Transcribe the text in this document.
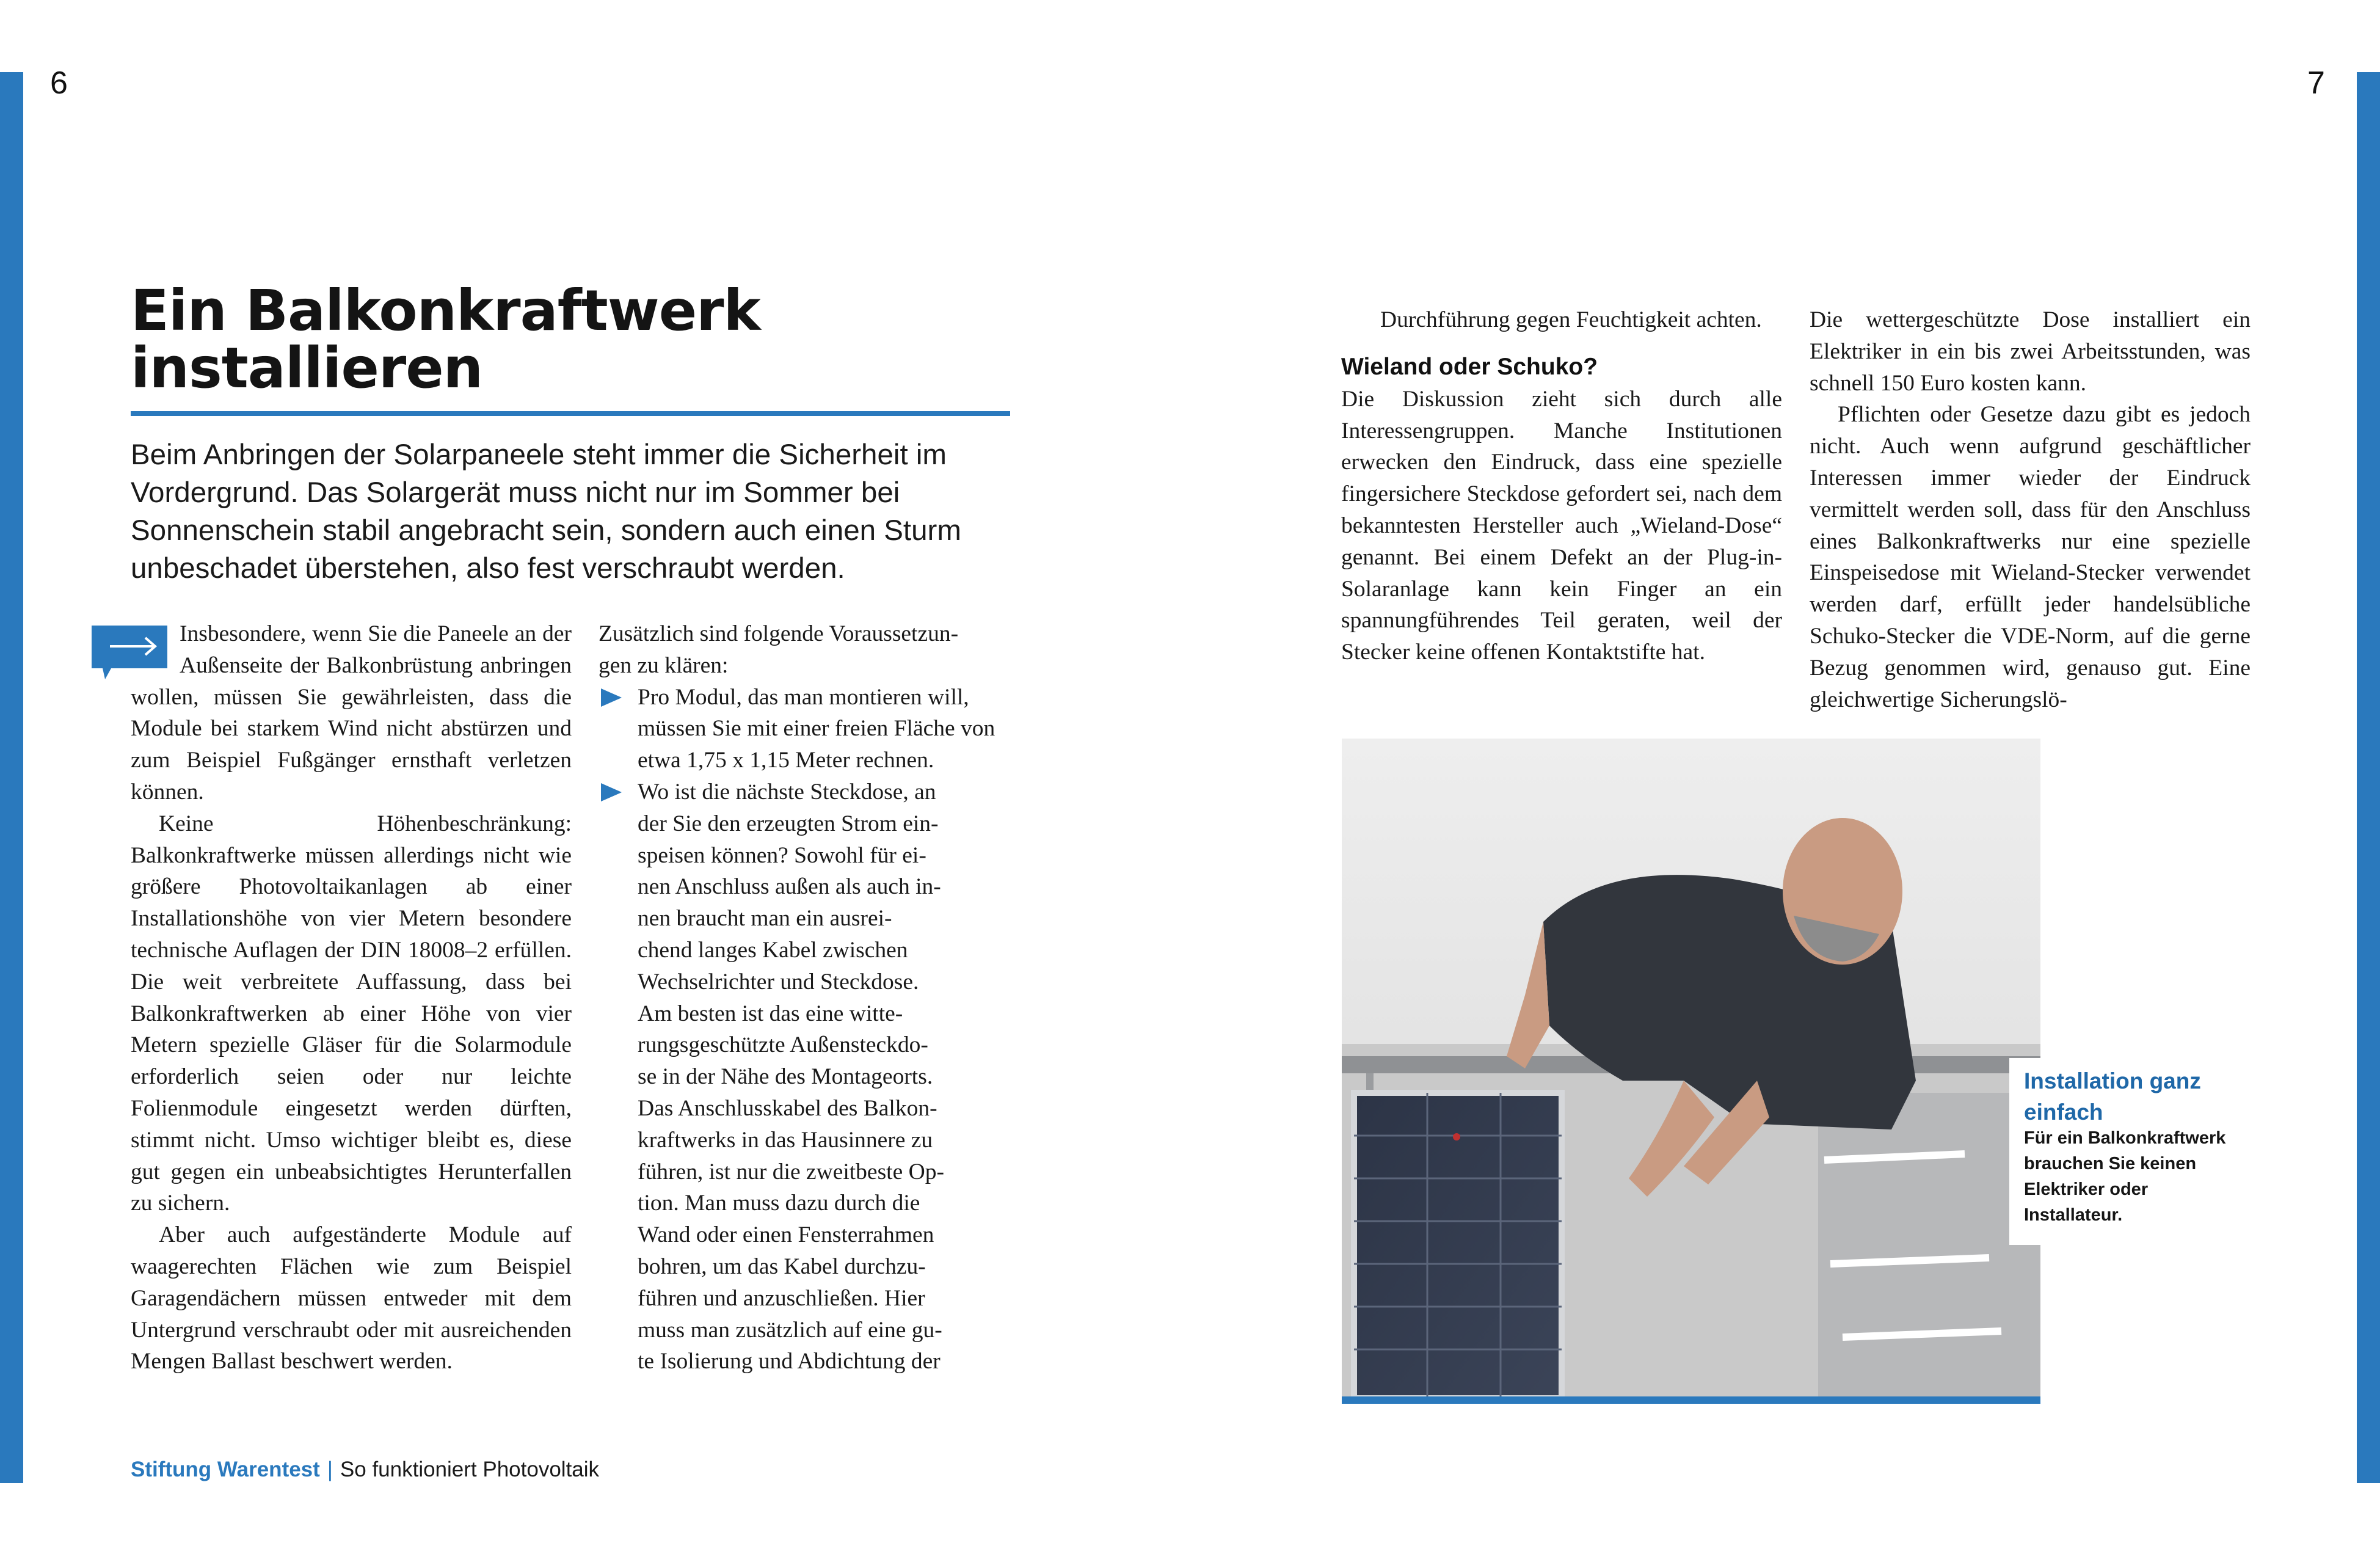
6	7
Ein Balkonkraftwerk
installieren

Beim Anbringen der Solarpaneele steht immer die Sicherheit im Vordergrund. Das Solargerät muss nicht nur im Sommer bei Sonnenschein stabil angebracht sein, sondern auch einen Sturm unbeschadet überstehen, also fest verschraubt werden.

Insbesondere, wenn Sie die Paneele an der Außenseite der Balkonbrüstung anbringen wollen, müssen Sie gewährleisten, dass die Module bei starkem Wind nicht abstürzen und zum Beispiel Fußgänger ernsthaft verletzen können.

Keine Höhenbeschränkung: Balkonkraftwerke müssen allerdings nicht wie größere Photovoltaikanlagen ab einer Installationshöhe von vier Metern besondere technische Auflagen der DIN 18008–2 erfüllen. Die weit verbreitete Auffassung, dass bei Balkonkraftwerken ab einer Höhe von vier Metern spezielle Gläser für die Solarmodule erforderlich seien oder nur leichte Folienmodule eingesetzt werden dürften, stimmt nicht. Umso wichtiger bleibt es, diese gut gegen ein unbeabsichtigtes Herunterfallen zu sichern.

Aber auch aufgeständerte Module auf waagerechten Flächen wie zum Beispiel Garagendächern müssen entweder mit dem Untergrund verschraubt oder mit ausreichenden Mengen Ballast beschwert werden.

Zusätzlich sind folgende Voraussetzun-

gen zu klären:

Pro Modul, das man montieren will,
müssen Sie mit einer freien Fläche von
etwa 1,75 x 1,15 Meter rechnen.
Wo ist die nächste Steckdose, an
der Sie den erzeugten Strom ein-
speisen können? Sowohl für ei-
nen Anschluss außen als auch in-
nen braucht man ein ausrei-
chend langes Kabel zwischen
Wechselrichter und Steckdose.
Am besten ist das eine witte-
rungsgeschützte Außensteckdo-
se in der Nähe des Montageorts.
Das Anschlusskabel des Balkon-
kraftwerks in das Hausinnere zu
führen, ist nur die zweitbeste Op-
tion. Man muss dazu durch die
Wand oder einen Fensterrahmen
bohren, um das Kabel durchzu-
führen und anzuschließen. Hier
muss man zusätzlich auf eine gu-
te Isolierung und Abdichtung der

Durchführung gegen Feuchtigkeit achten.

Wieland oder Schuko?

Die Diskussion zieht sich durch alle Interessengruppen. Manche Institutionen erwecken den Eindruck, dass eine spezielle fingersichere Steckdose gefordert sei, nach dem bekanntesten Hersteller auch „Wieland-Dose“ genannt. Bei einem Defekt an der Plug-in-Solaranlage kann kein Finger an ein spannungführendes Teil geraten, weil der Stecker keine offenen Kontaktstifte hat.

Die wettergeschützte Dose installiert ein Elektriker in ein bis zwei Arbeitsstunden, was schnell 150 Euro kosten kann.

Pflichten oder Gesetze dazu gibt es jedoch nicht. Auch wenn aufgrund geschäftlicher Interessen immer wieder der Eindruck vermittelt werden soll, dass für den Anschluss eines Balkonkraftwerks nur eine spezielle Einspeisedose mit Wieland-Stecker verwendet werden darf, erfüllt jeder handelsübliche Schuko-Stecker die VDE-Norm, auf die gerne Bezug genommen wird, genauso gut. Eine gleichwertige Sicherungslö-

Installation ganz einfach

Für ein Balkonkraftwerk brauchen Sie keinen Elektriker oder Installateur.

Stiftung Warentest | So funktioniert Photovoltaik
